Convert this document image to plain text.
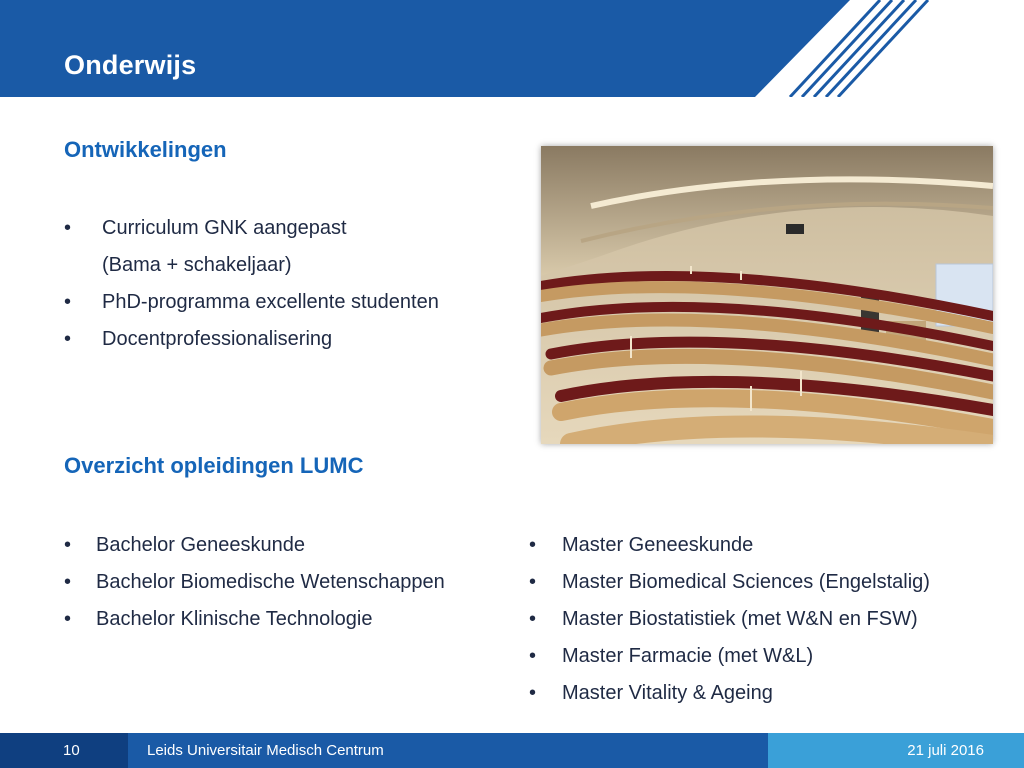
Onderwijs
Ontwikkelingen
• Curriculum GNK aangepast
(Bama + schakeljaar)
• PhD-programma excellente studenten
• Docentprofessionalisering
Overzicht opleidingen LUMC
• Bachelor Geneeskunde
• Bachelor Biomedische Wetenschappen
• Bachelor Klinische Technologie
• Master Geneeskunde
• Master Biomedical Sciences (Engelstalig)
• Master Biostatistiek (met W&N en FSW)
• Master Farmacie (met W&L)
• Master Vitality & Ageing
10	Leids Universitair Medisch Centrum	21 juli 2016
